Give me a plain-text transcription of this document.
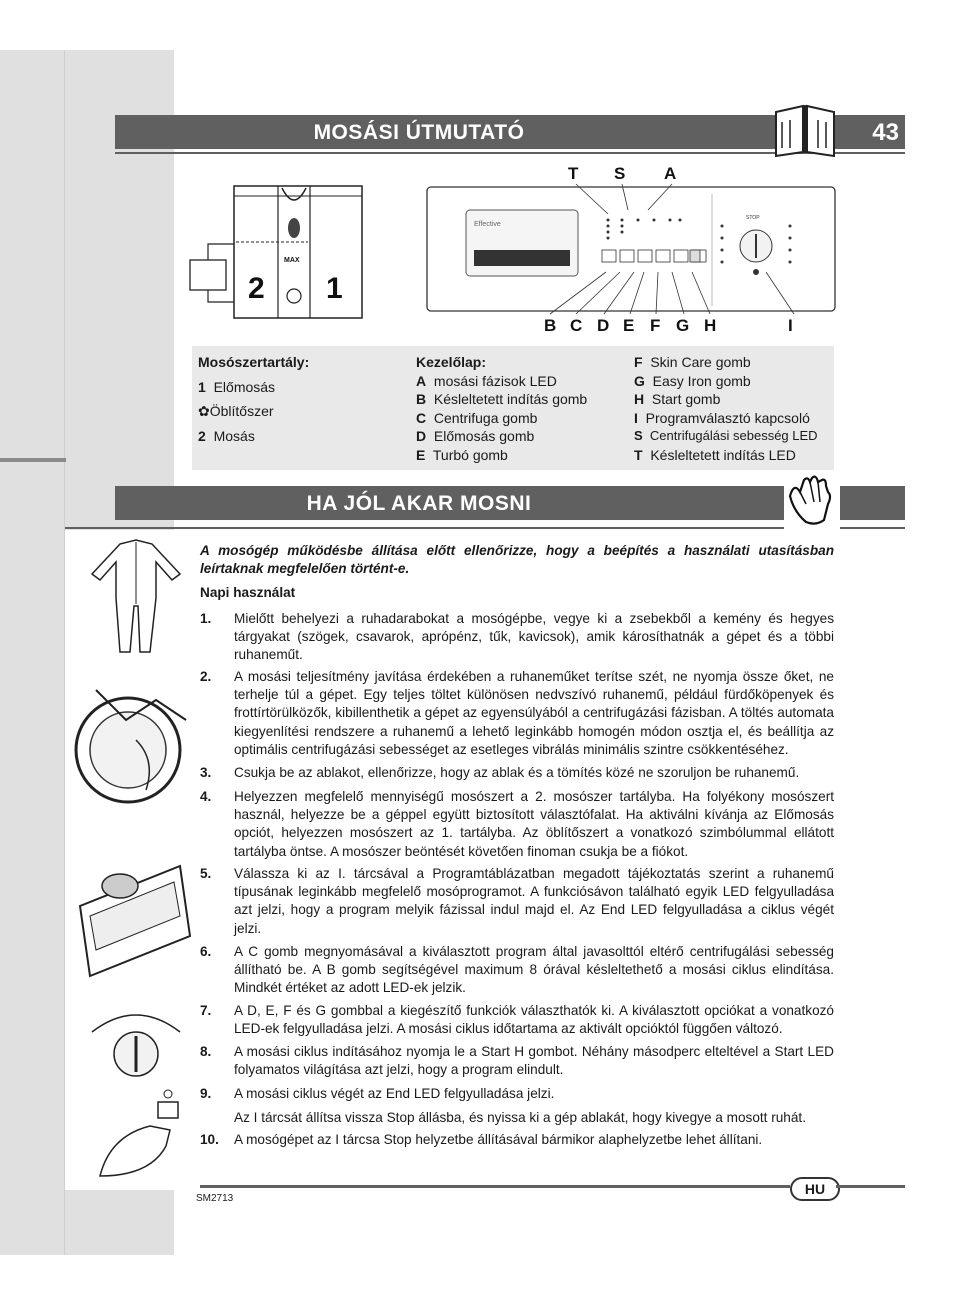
MOSÁSI ÚTMUTATÓ	43
2
MAX
1
T S A
Effective
STOP
B C D E F G H	I
Mosószertartály:
1 Előmosás
✿Öblítőszer
2 Mosás
Kezelőlap:
A mosási fázisok LED
B Késleltetett indítás gomb
C Centrifuga gomb
D Előmosás gomb
E Turbó gomb
F Skin Care gomb
G Easy Iron gomb
H Start gomb
I Programválasztó kapcsoló
S Centrifugálási sebesség LED
T Késleltetett indítás LED
HA JÓL AKAR MOSNI
A mosógép működésbe állítása előtt ellenőrizze, hogy a beépítés a használati utasításban leírtaknak megfelelően történt-e.
Napi használat
1. Mielőtt behelyezi a ruhadarabokat a mosógépbe, vegye ki a zsebekből a kemény és hegyes tárgyakat (szögek, csavarok, aprópénz, tűk, kavicsok), amik károsíthatnák a gépet és a többi ruhaneműt.
2. A mosási teljesítmény javítása érdekében a ruhaneműket terítse szét, ne nyomja össze őket, ne terhelje túl a gépet. Egy teljes töltet különösen nedvszívó ruhanemű, például fürdőköpenyek és frottírtörülközők, kibillenthetik a gépet az egyensúlyából a centrifugázási fázisban. A töltés automata kiegyenlítési rendszere a ruhanemű a lehető leginkább homogén módon osztja el, és beállítja az optimális centrifugázási sebességet az esetleges vibrálás minimális szintre csökkentéséhez.
3. Csukja be az ablakot, ellenőrizze, hogy az ablak és a tömítés közé ne szoruljon be ruhanemű.
4. Helyezzen megfelelő mennyiségű mosószert a 2. mosószer tartályba. Ha folyékony mosószert használ, helyezze be a géppel együtt biztosított választófalat. Ha aktiválni kívánja az Előmosás opciót, helyezzen mosószert az 1. tartályba. Az öblítőszert a vonatkozó szimbólummal ellátott tartályba öntse. A mosószer beöntését követően finoman csukja be a fiókot.
5. Válassza ki az I. tárcsával a Programtáblázatban megadott tájékoztatás szerint a ruhanemű típusának leginkább megfelelő mosóprogramot. A funkciósávon található egyik LED felgyulladása azt jelzi, hogy a program melyik fázissal indul majd el. Az End LED felgyulladása a ciklus végét jelzi.
6. A C gomb megnyomásával a kiválasztott program által javasolttól eltérő centrifugálási sebesség állítható be. A B gomb segítségével maximum 8 órával késleltethető a mosási ciklus elindítása. Mindkét értéket az adott LED-ek jelzik.
7. A D, E, F és G gombbal a kiegészítő funkciók választhatók ki. A kiválasztott opciókat a vonatkozó LED-ek felgyulladása jelzi. A mosási ciklus időtartama az aktivált opcióktól függően változó.
8. A mosási ciklus indításához nyomja le a Start H gombot. Néhány másodperc elteltével a Start LED folyamatos világítása azt jelzi, hogy a program elindult.
9. A mosási ciklus végét az End LED felgyulladása jelzi.
Az I tárcsát állítsa vissza Stop állásba, és nyissa ki a gép ablakát, hogy kivegye a mosott ruhát.
10. A mosógépet az I tárcsa Stop helyzetbe állításával bármikor alaphelyzetbe lehet állítani.
HU
SM2713
